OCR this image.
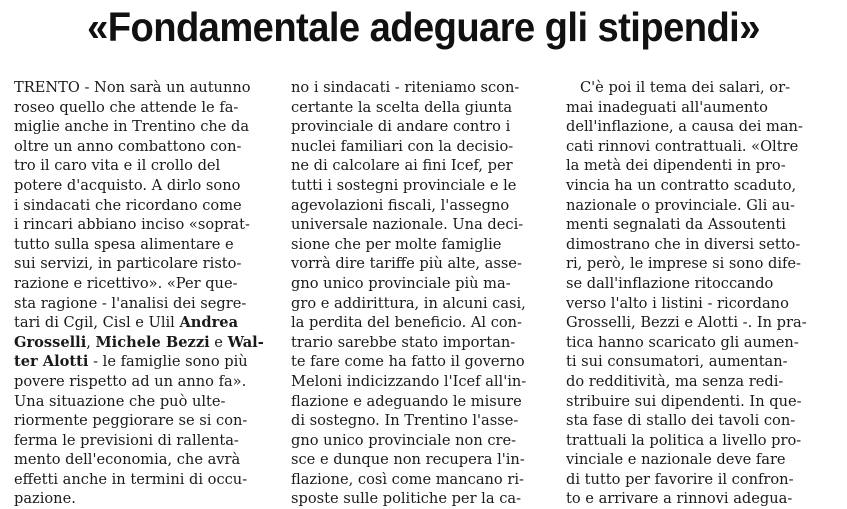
«Fondamentale adeguare gli stipendi»
TRENTO - Non sarà un autunno
roseo quello che attende le fa-
miglie anche in Trentino che da
oltre un anno combattono con-
tro il caro vita e il crollo del
potere d'acquisto. A dirlo sono
i sindacati che ricordano come
i rincari abbiano inciso «soprat-
tutto sulla spesa alimentare e
sui servizi, in particolare risto-
razione e ricettivo». «Per que-
sta ragione - l'analisi dei segre-
tari di Cgil, Cisl e Ulil Andrea
Grosselli, Michele Bezzi e Wal-
ter Alotti - le famiglie sono più
povere rispetto ad un anno fa».
Una situazione che può ulte-
riormente peggiorare se si con-
ferma le previsioni di rallenta-
mento dell'economia, che avrà
effetti anche in termini di occu-
pazione.
no i sindacati - riteniamo scon-
certante la scelta della giunta
provinciale di andare contro i
nuclei familiari con la decisio-
ne di calcolare ai fini Icef, per
tutti i sostegni provinciale e le
agevolazioni fiscali, l'assegno
universale nazionale. Una deci-
sione che per molte famiglie
vorrà dire tariffe più alte, asse-
gno unico provinciale più ma-
gro e addirittura, in alcuni casi,
la perdita del beneficio. Al con-
trario sarebbe stato importan-
te fare come ha fatto il governo
Meloni indicizzando l'Icef all'in-
flazione e adeguando le misure
di sostegno. In Trentino l'asse-
gno unico provinciale non cre-
sce e dunque non recupera l'in-
flazione, così come mancano ri-
sposte sulle politiche per la ca-
C'è poi il tema dei salari, or-
mai inadeguati all'aumento
dell'inflazione, a causa dei man-
cati rinnovi contrattuali. «Oltre
la metà dei dipendenti in pro-
vincia ha un contratto scaduto,
nazionale o provinciale. Gli au-
menti segnalati da Assoutenti
dimostrano che in diversi setto-
ri, però, le imprese si sono dife-
se dall'inflazione ritoccando
verso l'alto i listini - ricordano
Grosselli, Bezzi e Alotti -. In pra-
tica hanno scaricato gli aumen-
ti sui consumatori, aumentan-
do redditività, ma senza redi-
stribuire sui dipendenti. In que-
sta fase di stallo dei tavoli con-
trattuali la politica a livello pro-
vinciale e nazionale deve fare
di tutto per favorire il confron-
to e arrivare a rinnovi adegua-
